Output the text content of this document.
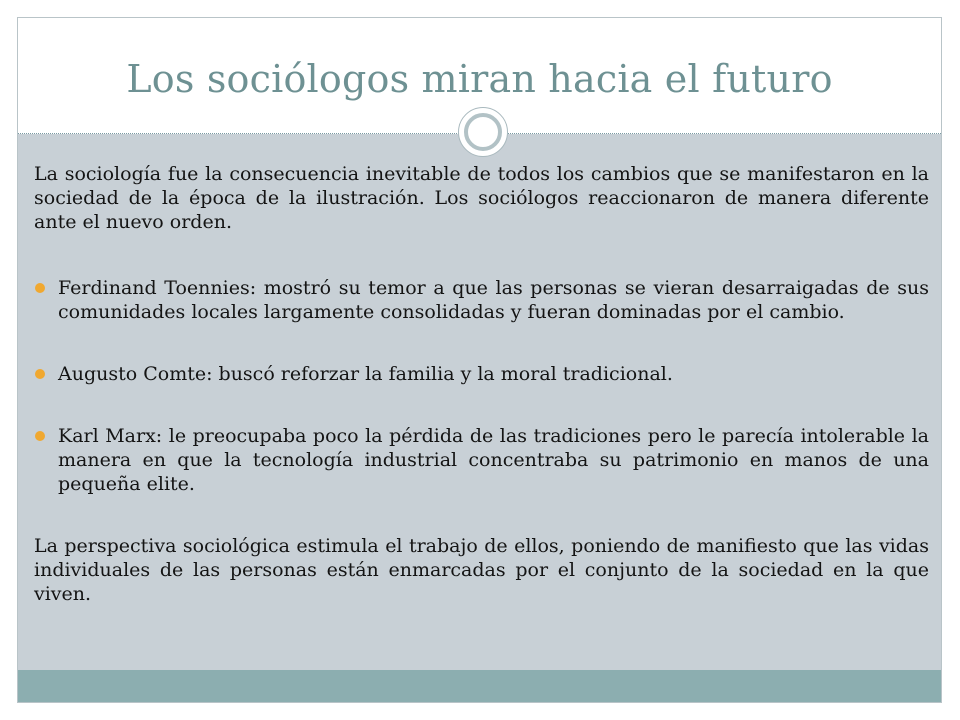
Los sociólogos miran hacia el futuro

La sociología fue la consecuencia inevitable de todos los cambios que se manifestaron en la sociedad de la época de la ilustración. Los sociólogos reaccionaron de manera diferente ante el nuevo orden.

Ferdinand Toennies: mostró su temor a que las personas se vieran desarraigadas de sus comunidades locales largamente consolidadas y fueran dominadas por el cambio.
Augusto Comte: buscó reforzar la familia y la moral tradicional.
Karl Marx: le preocupaba poco la pérdida de las tradiciones pero le parecía intolerable la manera en que la tecnología industrial concentraba su patrimonio en manos de una pequeña elite.

La perspectiva sociológica estimula el trabajo de ellos, poniendo de manifiesto que las vidas individuales de las personas están enmarcadas por el conjunto de la sociedad en la que viven.
